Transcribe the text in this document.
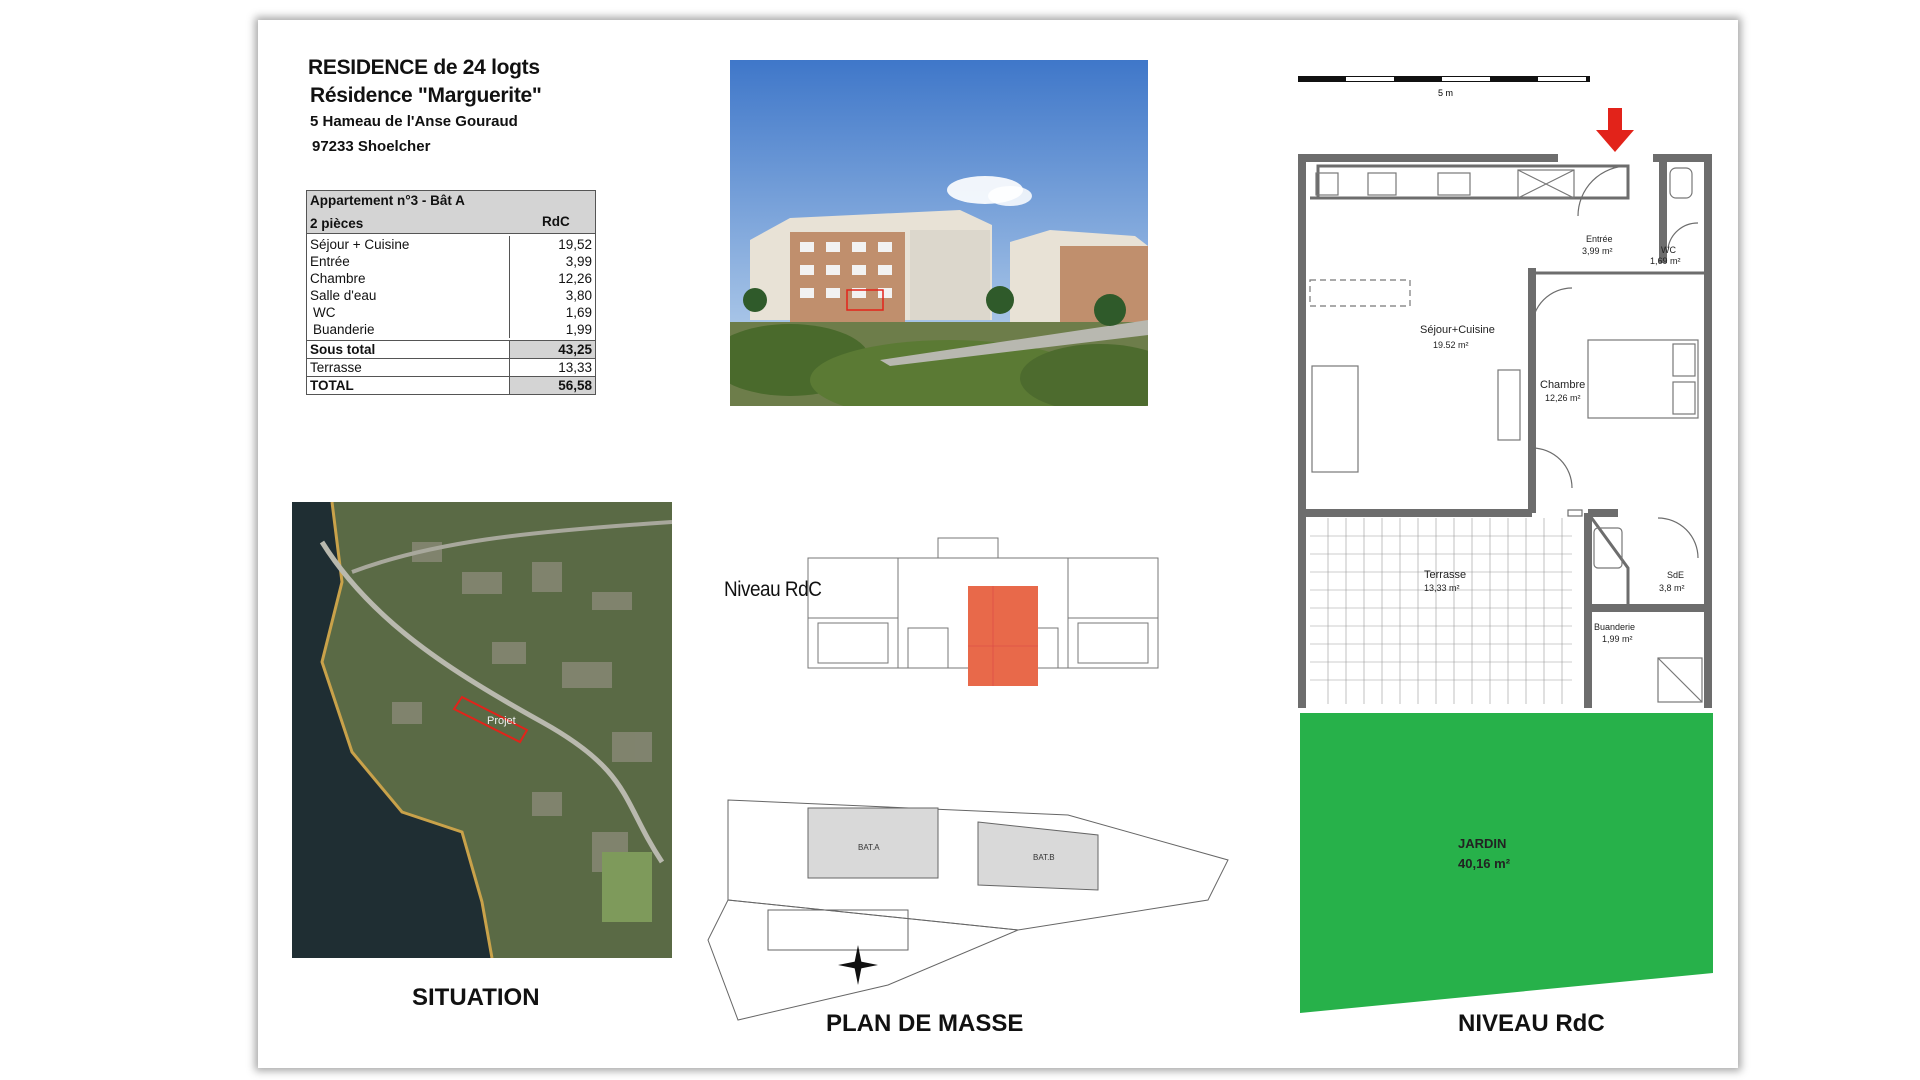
RESIDENCE de 24 logts
Résidence "Marguerite"
5 Hameau de l'Anse Gouraud
97233 Shoelcher
Appartement n°3 - Bât A
2 pièces	RdC
Séjour + Cuisine	19,52
Entrée	3,99
Chambre	12,26
Salle d'eau	3,80
WC	1,69
Buanderie	1,99
Sous total	43,25
Terrasse	13,33
TOTAL	56,58
Projet
SITUATION
Niveau RdC
BAT.A
BAT.B
PLAN DE MASSE
5 m
Entrée
3,99 m²	WC
1,69 m²
Séjour+Cuisine
19.52 m²
Chambre
12,26 m²
Terrasse
13,33 m²
SdE
3,8 m²
Buanderie
1,99 m²
JARDIN
40,16 m²
NIVEAU RdC
